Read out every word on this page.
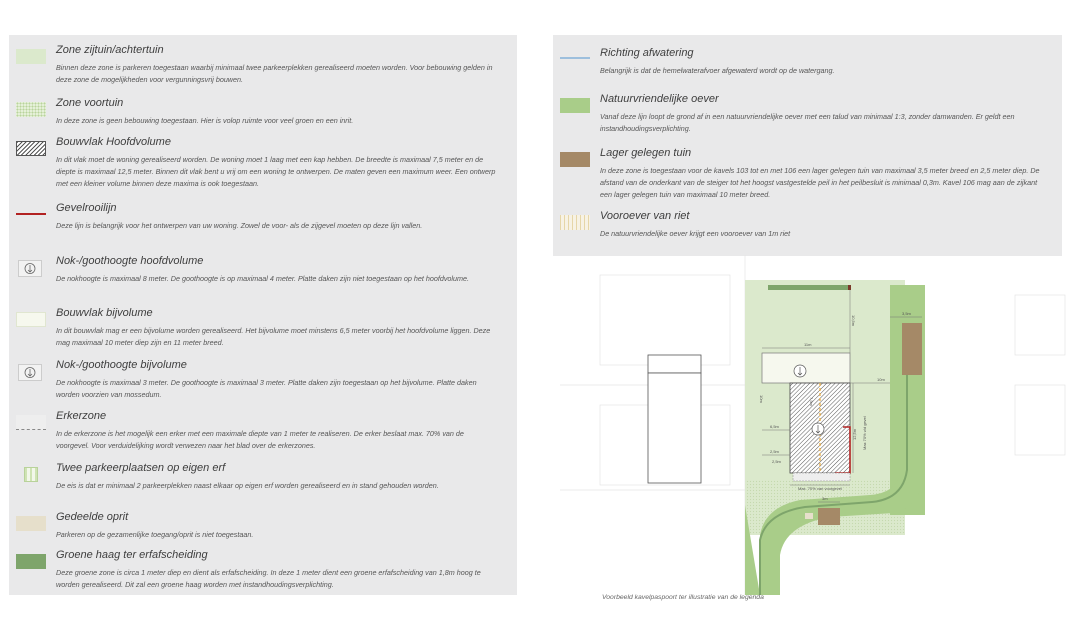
Zone zijtuin/achtertuin
Binnen deze zone is parkeren toegestaan waarbij minimaal twee parkeerplekken gerealiseerd moeten worden. Voor bebouwing gelden in deze zone de mogelijkheden voor vergunningsvrij bouwen.
Zone voortuin
In deze zone is geen bebouwing toegestaan. Hier is volop ruimte voor veel groen en een inrit.
Bouwvlak Hoofdvolume
In dit vlak moet de woning gerealiseerd worden. De woning moet 1 laag met een kap hebben. De breedte is maximaal 7,5 meter en de diepte is maximaal 12,5 meter. Binnen dit vlak bent u vrij om een woning te ontwerpen. De maten geven een maximum weer. Een ontwerp met een kleiner volume binnen deze maxima is ook toegestaan.
Gevelrooilijn
Deze lijn is belangrijk voor het ontwerpen van uw woning. Zowel de voor- als de zijgevel moeten op deze lijn vallen.
Nok-/goothoogte hoofdvolume
De nokhoogte is maximaal 8 meter. De goothoogte is op maximaal 4 meter. Platte daken zijn niet toegestaan op het hoofdvolume.
Bouwvlak bijvolume
In dit bouwvlak mag er een bijvolume worden gerealiseerd. Het bijvolume moet minstens 6,5 meter voorbij het hoofdvolume liggen. Deze mag maximaal 10 meter diep zijn en 11 meter breed.
Nok-/goothoogte bijvolume
De nokhoogte is maximaal 3 meter. De goothoogte is maximaal 3 meter. Platte daken zijn toegestaan op het bijvolume. Platte daken worden voorzien van mossedum.
Erkerzone
In de erkerzone is het mogelijk een erker met een maximale diepte van 1 meter te realiseren. De erker beslaat max. 70% van de voorgevel. Voor verduidelijking wordt verwezen naar het blad over de erkerzones.
Twee parkeerplaatsen op eigen erf
De eis is dat er minimaal 2 parkeerplekken naast elkaar op eigen erf worden gerealiseerd en in stand gehouden worden.
Gedeelde oprit
Parkeren op de gezamenlijke toegang/oprit is niet toegestaan.
Groene haag ter erfafscheiding
Deze groene zone is circa 1 meter diep en dient als erfafscheiding. In deze 1 meter dient een groene erfafscheiding van 1,8m hoog te worden gerealiseerd. Dit zal een groene haag worden met instandhoudingsverplichting.
Richting afwatering
Belangrijk is dat de hemelwaterafvoer afgewaterd wordt op de watergang.
Natuurvriendelijke oever
Vanaf deze lijn loopt de grond af in een natuurvriendelijke oever met een talud van minimaal 1:3, zonder damwanden. Er geldt een instandhoudingsverplichting.
Lager gelegen tuin
In deze zone is toegestaan voor de kavels 103 tot en met 106 een lager gelegen tuin van maximaal 3,5 meter breed en 2,5 meter diep. De afstand van de onderkant van de steiger tot het hoogst vastgestelde peil in het peilbesluit is minimaal 0,3m. Kavel 106 mag aan de zijkant een lager gelegen tuin van maximaal 10 meter breed.
Vooroever van riet
De natuurvriendelijke oever krijgt een vooroever van 1m riet
11m
10,5m
7,5m
12,5m
Max. 70% van voorgevel
6,5m
2,5m
2,5m
3m
10m
3,5m
Max 70% v/d gevel
10m
Voorbeeld kavelpaspoort ter illustratie van de legenda
